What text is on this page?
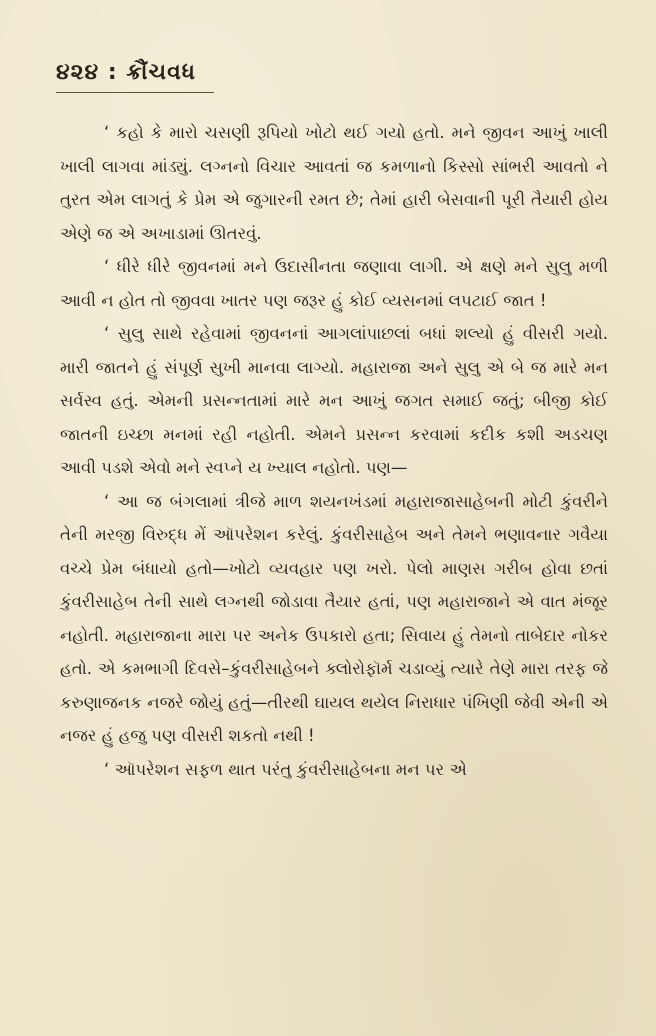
૪૨૪ : ક્રૌંચવધ

‘ કહો કે મારો ચસણી રૂપિયો ખોટો થઈ ગયો હતો. મને જીવન આખું ખાલી ખાલી લાગવા માંડ્યું. લગ્નનો વિચાર આવતાં જ કમળાનો કિસ્સો સાંભરી આવતો ને તુરત એમ લાગતું કે પ્રેમ એ જુગારની રમત છે; તેમાં હારી બેસવાની પૂરી તૈયારી હોય એણે જ એ અખાડામાં ઊતરવું.

‘ ધીરે ધીરે જીવનમાં મને ઉદાસીનતા જણાવા લાગી. એ ક્ષણે મને સુલુ મળી આવી ન હોત તો જીવવા ખાતર પણ જરૂર હું કોઈ વ્યસનમાં લપટાઈ જાત !

‘ સુલુ સાથે રહેવામાં જીવનનાં આગલાંપાછલાં બધાં શલ્યો હું વીસરી ગયો. મારી જાતને હું સંપૂર્ણ સુખી માનવા લાગ્યો. મહારાજા અને સુલુ એ બે જ મારે મન સર્વસ્વ હતું. એમની પ્રસન્નતામાં મારે મન આખું જગત સમાઈ જતું; બીજી કોઈ જાતની ઇચ્છા મનમાં રહી નહોતી. એમને પ્રસન્ન કરવામાં કદીક કશી અડચણ આવી પડશે એવો મને સ્વપ્ને ય ખ્યાલ નહોતો. પણ—

‘ આ જ બંગલામાં ત્રીજે માળ શયનખંડમાં મહારાજાસાહેબની મોટી કુંવરીને તેની મરજી વિરુદ્ધ મેં ઑપરેશન કરેલું. કુંવરીસાહેબ અને તેમને ભણાવનાર ગવૈયા વચ્ચે પ્રેમ બંધાયો હતો—ખોટો વ્યવહાર પણ ખરો. પેલો માણસ ગરીબ હોવા છતાં કુંવરીસાહેબ તેની સાથે લગ્નથી જોડાવા તૈયાર હતાં, પણ મહારાજાને એ વાત મંજૂર નહોતી. મહારાજાના મારા પર અનેક ઉપકારો હતા; સિવાય હું તેમનો તાબેદાર નોકર હતો. એ કમભાગી દિવસે–કુંવરીસાહેબને ક્લોરોફૉર્મ ચડાવ્યું ત્યારે તેણે મારા તરફ જે કરુણાજનક નજરે જોયું હતું—તીરથી ઘાયલ થયેલ નિરાધાર પંખિણી જેવી એની એ નજર હું હજુ પણ વીસરી શકતો નથી !

‘ ઑપરેશન સફળ થાત પરંતુ કુંવરીસાહેબના મન પર એ
